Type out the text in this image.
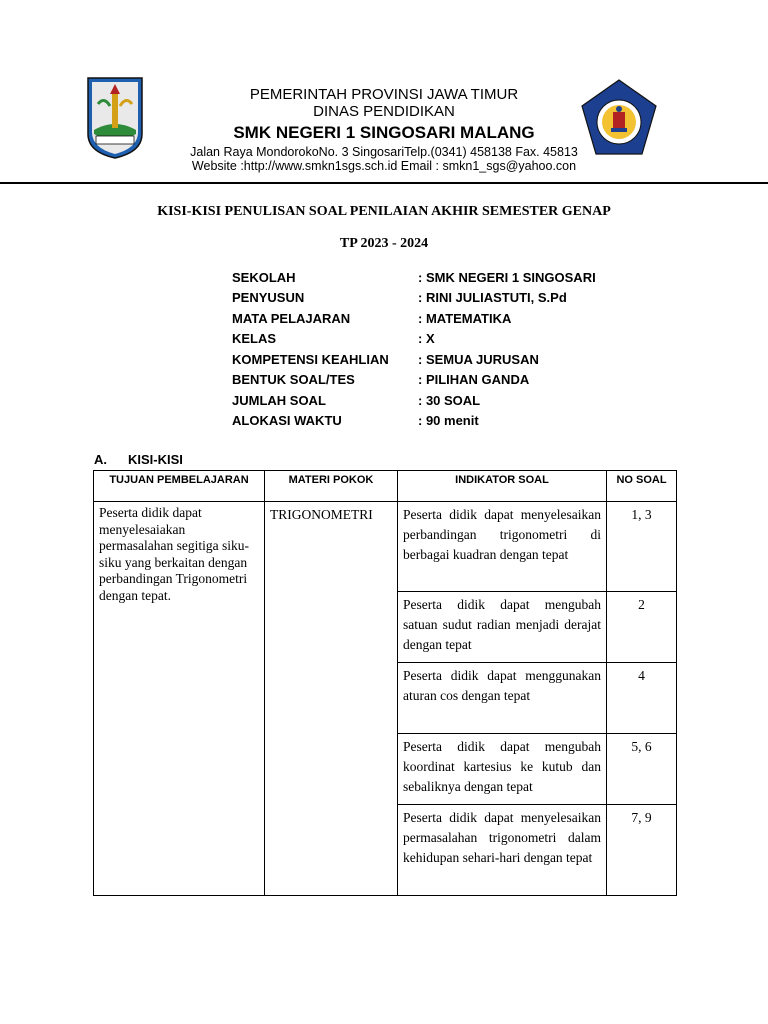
PEMERINTAH PROVINSI JAWA TIMUR
DINAS PENDIDIKAN
SMK NEGERI 1 SINGOSARI MALANG
Jalan Raya MondorokoNo. 3 SingosariTelp.(0341) 458138 Fax. 45813
Website :http://www.smkn1sgs.sch.id Email : smkn1_sgs@yahoo.con
KISI-KISI PENULISAN SOAL PENILAIAN AKHIR SEMESTER GENAP
TP 2023 - 2024
SEKOLAH	: SMK NEGERI 1 SINGOSARI
PENYUSUN	: RINI JULIASTUTI, S.Pd
MATA PELAJARAN	: MATEMATIKA
KELAS	: X
KOMPETENSI KEAHLIAN	: SEMUA JURUSAN
BENTUK SOAL/TES	: PILIHAN GANDA
JUMLAH SOAL	: 30 SOAL
ALOKASI WAKTU	: 90 menit
A. KISI-KISI
TUJUAN PEMBELAJARAN	MATERI POKOK	INDIKATOR SOAL	NO SOAL
Peserta didik dapat menyelesaiakan permasalahan segitiga siku-siku yang berkaitan dengan perbandingan Trigonometri dengan tepat.	TRIGONOMETRI	Peserta didik dapat menyelesaikan perbandingan trigonometri di berbagai kuadran dengan tepat	1, 3
		Peserta didik dapat mengubah satuan sudut radian menjadi derajat dengan tepat	2
		Peserta didik dapat menggunakan aturan cos dengan tepat	4
		Peserta didik dapat mengubah koordinat kartesius ke kutub dan sebaliknya dengan tepat	5, 6
		Peserta didik dapat menyelesaikan permasalahan trigonometri dalam kehidupan sehari-hari dengan tepat	7, 9
